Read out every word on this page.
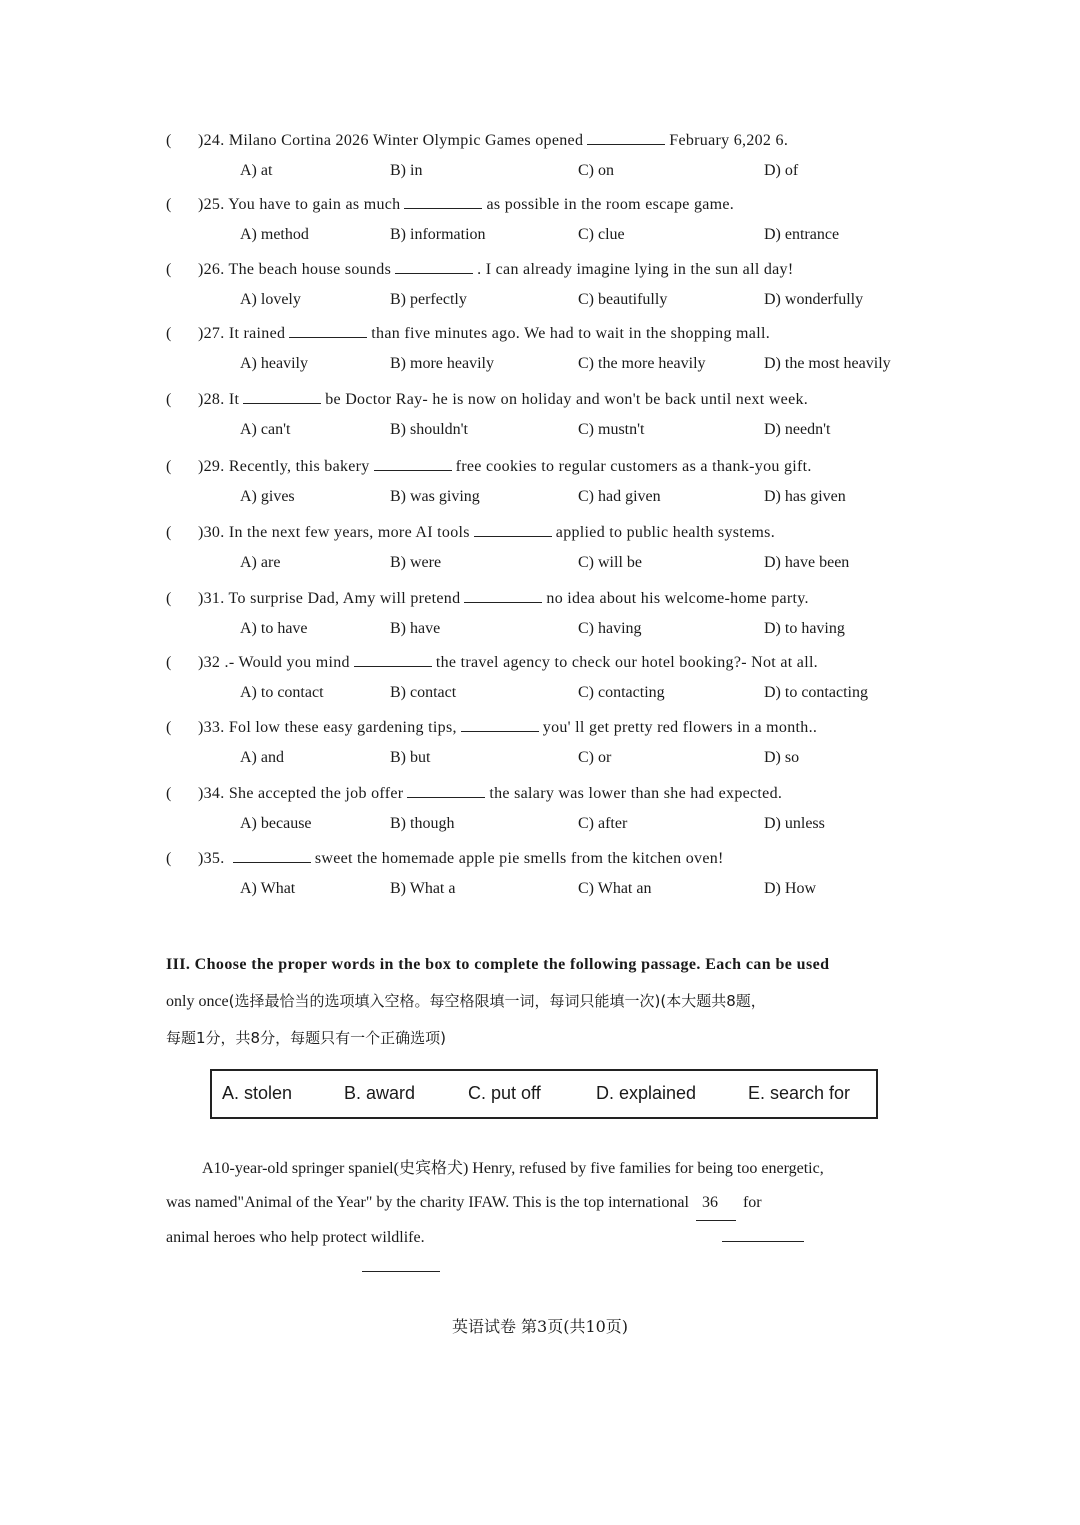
( )24. Milano Cortina 2026 Winter Olympic Games opened	February 6,202 6.
A) at	B) in	C) on	D) of
( )25. You have to gain as much	as possible in the room escape game.
A) method	B) information	C) clue	D) entrance
( )26. The beach house sounds	. I can already imagine lying in the sun all day!
A) lovely	B) perfectly	C) beautifully	D) wonderfully
( )27. It rained	than five minutes ago. We had to wait in the shopping mall.
A) heavily	B) more heavily	C) the more heavily	D) the most heavily
( )28. It	be Doctor Ray- he is now on holiday and won't be back until next week.
A) can't	B) shouldn't	C) mustn't	D) needn't
( )29. Recently, this bakery	free cookies to regular customers as a thank-you gift.
A) gives	B) was giving	C) had given	D) has given
( )30. In the next few years, more AI tools	applied to public health systems.
A) are	B) were	C) will be	D) have been
( )31. To surprise Dad, Amy will pretend	no idea about his welcome-home party.
A) to have	B) have	C) having	D) to having
( )32 .- Would you mind	the travel agency to check our hotel booking?- Not at all.
A) to contact	B) contact	C) contacting	D) to contacting
( )33. Fol low these easy gardening tips,	you' ll get pretty red flowers in a month..
A) and	B) but	C) or	D) so
( )34. She accepted the job offer	the salary was lower than she had expected.
A) because	B) though	C) after	D) unless
( )35.	sweet the homemade apple pie smells from the kitchen oven!
A) What	B) What a	C) What an	D) How
III. Choose the proper words in the box to complete the following passage. Each can be used
only once(选择最恰当的选项填入空格。每空格限填一词，每词只能填一次)(本大题共8题，
每题1分，共8分，每题只有一个正确选项)
A. stolen	B. award	C. put off	D. explained	E. search for
A10-year-old springer spaniel(史宾格犬) Henry, refused by five families for being too energetic,
was named"Animal of the Year" by the charity IFAW. This is the top international 36 for
animal heroes who help protect wildlife.
英语试卷 第3页(共10页)
